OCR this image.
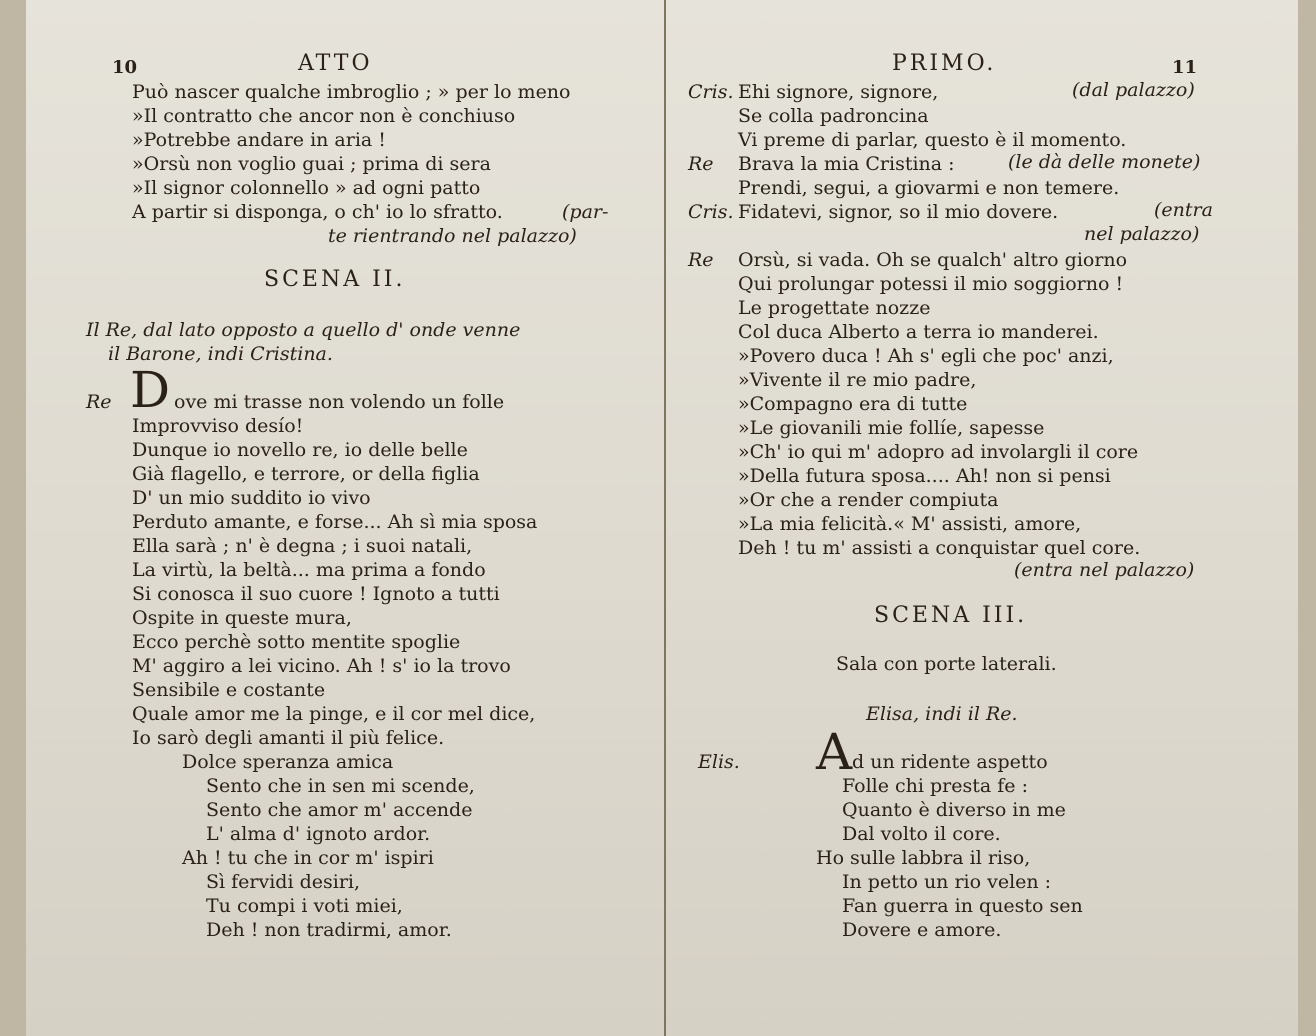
10	ATTO
Può nascer qualche imbroglio ; » per lo meno
»Il contratto che ancor non è conchiuso
»Potrebbe andare in aria !
»Orsù non voglio guai ; prima di sera
»Il signor colonnello » ad ogni patto
A partir si disponga, o ch' io lo sfratto.	(par-
te rientrando nel palazzo)
SCENA II.
Il Re, dal lato opposto a quello d' onde venne
il Barone, indi Cristina.
Re D ove mi trasse non volendo un folle
Improvviso desío!
Dunque io novello re, io delle belle
Già flagello, e terrore, or della figlia
D' un mio suddito io vivo
Perduto amante, e forse... Ah sì mia sposa
Ella sarà ; n' è degna ; i suoi natali,
La virtù, la beltà... ma prima a fondo
Si conosca il suo cuore ! Ignoto a tutti
Ospite in queste mura,
Ecco perchè sotto mentite spoglie
M' aggiro a lei vicino. Ah ! s' io la trovo
Sensibile e costante
Quale amor me la pinge, e il cor mel dice,
Io sarò degli amanti il più felice.
Dolce speranza amica
Sento che in sen mi scende,
Sento che amor m' accende
L' alma d' ignoto ardor.
Ah ! tu che in cor m' ispiri
Sì fervidi desiri,
Tu compi i voti miei,
Deh ! non tradirmi, amor.
PRIMO.	11
Cris. Ehi signore, signore,	(dal palazzo)
Se colla padroncina
Vi preme di parlar, questo è il momento.
Re Brava la mia Cristina :	(le dà delle monete)
Prendi, segui, a giovarmi e non temere.
Cris. Fidatevi, signor, so il mio dovere.	(entra
nel palazzo)
Re Orsù, si vada. Oh se qualch' altro giorno
Qui prolungar potessi il mio soggiorno !
Le progettate nozze
Col duca Alberto a terra io manderei.
»Povero duca ! Ah s' egli che poc' anzi,
»Vivente il re mio padre,
»Compagno era di tutte
»Le giovanili mie follíe, sapesse
»Ch' io qui m' adopro ad involargli il core
»Della futura sposa.... Ah! non si pensi
»Or che a render compiuta
»La mia felicità.« M' assisti, amore,
Deh ! tu m' assisti a conquistar quel core.
(entra nel palazzo)
SCENA III.
Sala con porte laterali.
Elisa, indi il Re.
Elis. A d un ridente aspetto
Folle chi presta fe :
Quanto è diverso in me
Dal volto il core.
Ho sulle labbra il riso,
In petto un rio velen :
Fan guerra in questo sen
Dovere e amore.
